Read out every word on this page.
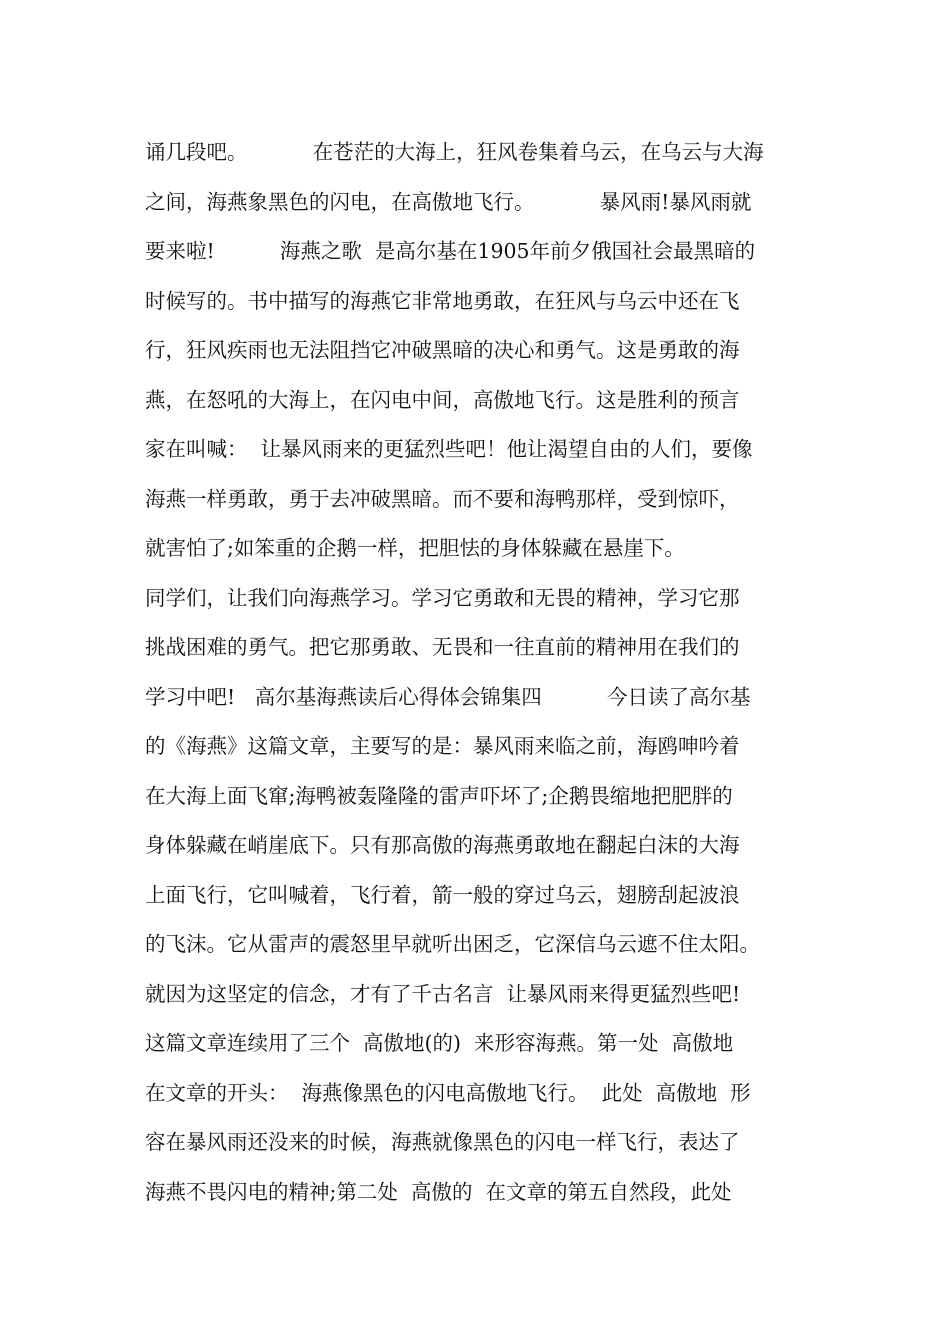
诵几段吧。          在苍茫的大海上，狂风卷集着乌云，在乌云与大海
之间，海燕象黑色的闪电，在高傲地飞行。          暴风雨!暴风雨就
要来啦!          海燕之歌  是高尔基在1905年前夕俄国社会最黑暗的
时候写的。书中描写的海燕它非常地勇敢，在狂风与乌云中还在飞
行，狂风疾雨也无法阻挡它冲破黑暗的决心和勇气。这是勇敢的海
燕，在怒吼的大海上，在闪电中间，高傲地飞行。这是胜利的预言
家在叫喊：  让暴风雨来的更猛烈些吧！他让渴望自由的人们，要像
海燕一样勇敢，勇于去冲破黑暗。而不要和海鸭那样，受到惊吓，
就害怕了;如笨重的企鹅一样，把胆怯的身体躲藏在悬崖下。
同学们，让我们向海燕学习。学习它勇敢和无畏的精神，学习它那
挑战困难的勇气。把它那勇敢、无畏和一往直前的精神用在我们的
学习中吧!   高尔基海燕读后心得体会锦集四          今日读了高尔基
的《海燕》这篇文章，主要写的是：暴风雨来临之前，海鸥呻吟着
在大海上面飞窜;海鸭被轰隆隆的雷声吓坏了;企鹅畏缩地把肥胖的
身体躲藏在峭崖底下。只有那高傲的海燕勇敢地在翻起白沫的大海
上面飞行，它叫喊着，飞行着，箭一般的穿过乌云，翅膀刮起波浪
的飞沫。它从雷声的震怒里早就听出困乏，它深信乌云遮不住太阳。
就因为这坚定的信念，才有了千古名言  让暴风雨来得更猛烈些吧!
这篇文章连续用了三个  高傲地(的)  来形容海燕。第一处  高傲地
在文章的开头：  海燕像黑色的闪电高傲地飞行。  此处  高傲地  形
容在暴风雨还没来的时候，海燕就像黑色的闪电一样飞行，表达了
海燕不畏闪电的精神;第二处  高傲的  在文章的第五自然段，此处
